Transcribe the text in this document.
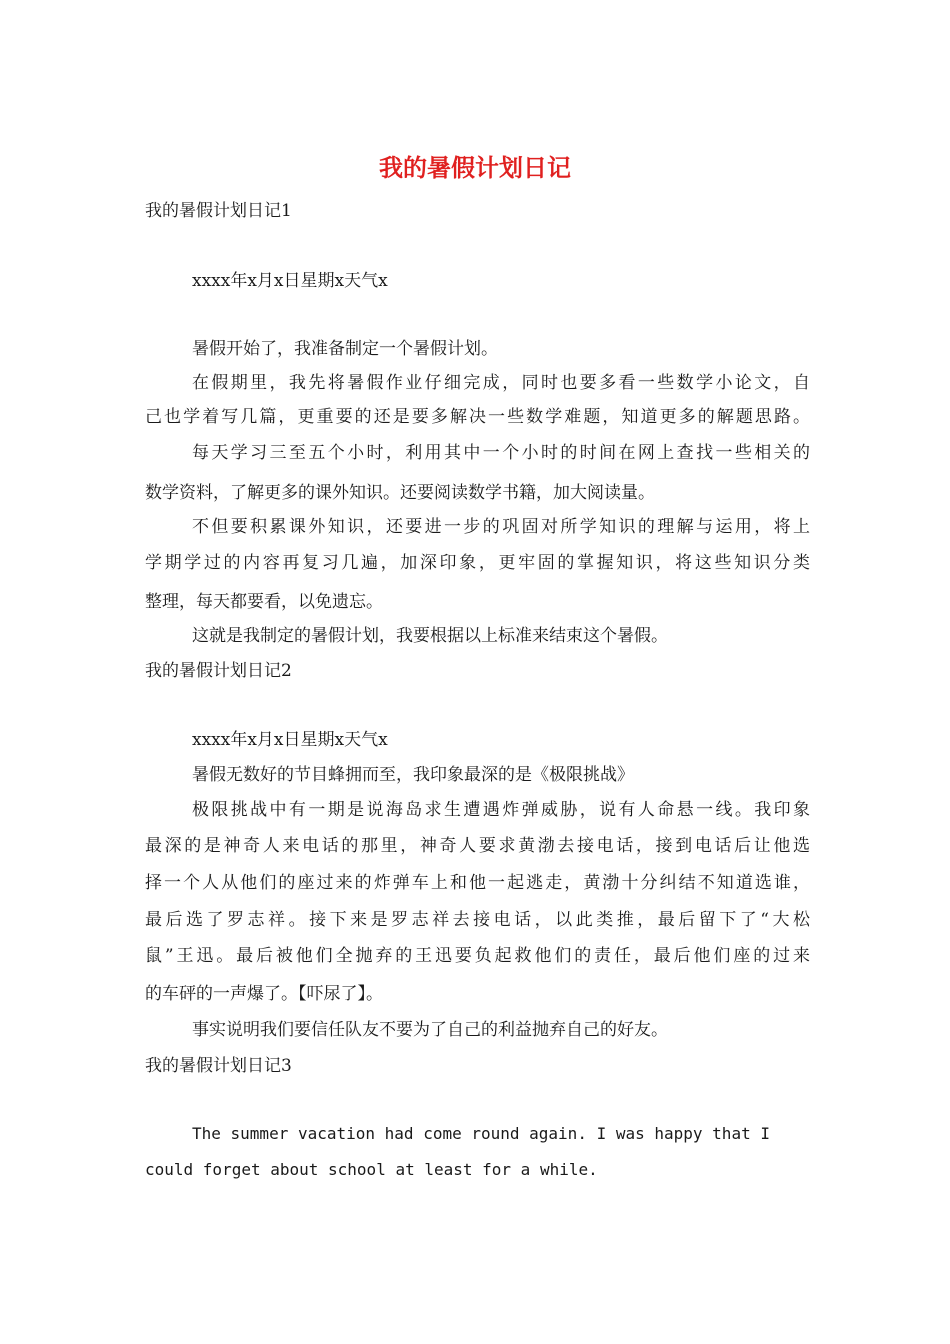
我的暑假计划日记

我的暑假计划日记1

xxxx年x月x日星期x天气x

暑假开始了，我准备制定一个暑假计划。

在假期里，我先将暑假作业仔细完成，同时也要多看一些数学小论文，自

己也学着写几篇，更重要的还是要多解决一些数学难题，知道更多的解题思路。

每天学习三至五个小时，利用其中一个小时的时间在网上查找一些相关的

数学资料，了解更多的课外知识。还要阅读数学书籍，加大阅读量。

不但要积累课外知识，还要进一步的巩固对所学知识的理解与运用，将上

学期学过的内容再复习几遍，加深印象，更牢固的掌握知识，将这些知识分类

整理，每天都要看，以免遗忘。

这就是我制定的暑假计划，我要根据以上标准来结束这个暑假。

我的暑假计划日记2

xxxx年x月x日星期x天气x

暑假无数好的节目蜂拥而至，我印象最深的是《极限挑战》

极限挑战中有一期是说海岛求生遭遇炸弹威胁，说有人命悬一线。我印象

最深的是神奇人来电话的那里，神奇人要求黄渤去接电话，接到电话后让他选

择一个人从他们的座过来的炸弹车上和他一起逃走，黄渤十分纠结不知道选谁，

最后选了罗志祥。接下来是罗志祥去接电话，以此类推，最后留下了“大松

鼠”王迅。最后被他们全抛弃的王迅要负起救他们的责任，最后他们座的过来

的车砰的一声爆了。【吓尿了】。

事实说明我们要信任队友不要为了自己的利益抛弃自己的好友。

我的暑假计划日记3

The summer vacation had come round again. I was happy that I

could forget about school at least for a while.
